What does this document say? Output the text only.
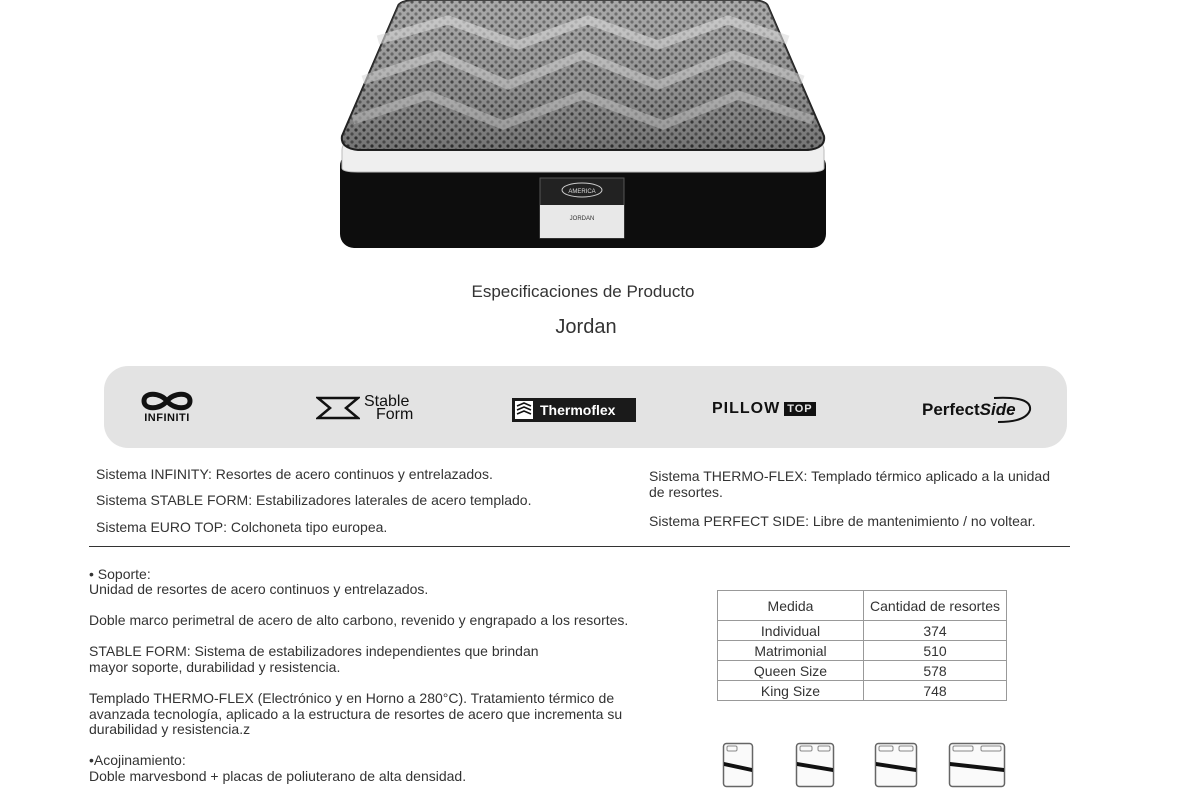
AMERICA
JORDAN
Especificaciones de Producto
Jordan
INFINITI
Stable
Form	Thermoflex	PILLOW TOP	PerfectSide
Sistema INFINITY: Resortes de acero continuos y entrelazados.
Sistema STABLE FORM: Estabilizadores laterales de acero templado.
Sistema EURO TOP: Colchoneta tipo europea.
Sistema THERMO-FLEX: Templado térmico aplicado a la unidad de resortes.
Sistema PERFECT SIDE: Libre de mantenimiento / no voltear.
• Soporte:
Unidad de resortes de acero continuos y entrelazados.
Doble marco perimetral de acero de alto carbono, revenido y engrapado a los resortes.
STABLE FORM: Sistema de estabilizadores independientes que brindan
mayor soporte, durabilidad y resistencia.
Templado THERMO-FLEX (Electrónico y en Horno a 280°C). Tratamiento térmico de
avanzada tecnología, aplicado a la estructura de resortes de acero que incrementa su
durabilidad y resistencia.z
•Acojinamiento:
Doble marvesbond + placas de poliuterano de alta densidad.
Medida	Cantidad de resortes
Individual	374
Matrimonial	510
Queen Size	578
King Size	748
